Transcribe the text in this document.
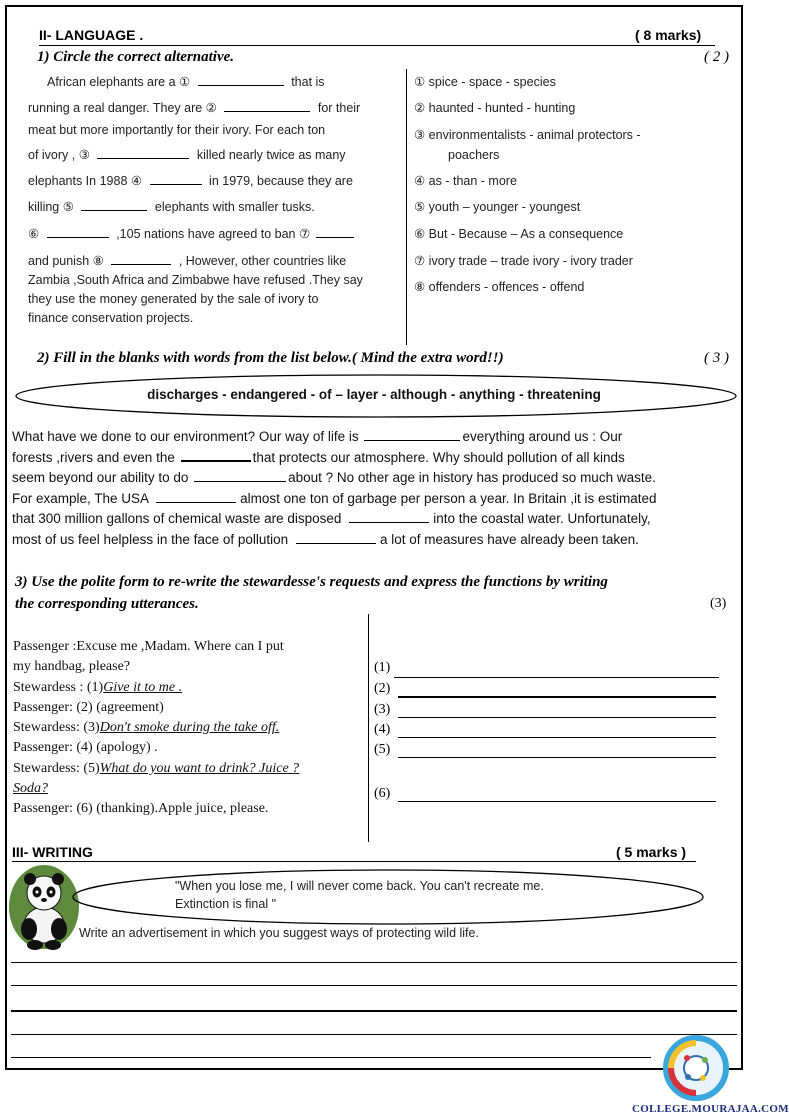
II- LANGUAGE .	( 8 marks)
1) Circle the correct alternative.	( 2 )
African elephants are a ①	that is
running a real danger. They are ②	for their
meat but more importantly for their ivory. For each ton
of ivory , ③	killed nearly twice as many
elephants In 1988 ④	in 1979, because they are
killing ⑤	elephants with smaller tusks.
⑥	,105 nations have agreed to ban ⑦
and punish ⑧	, However, other countries like
Zambia ,South Africa and Zimbabwe have refused .They say
they use the money generated by the sale of ivory to
finance conservation projects.
① spice - space - species
② haunted - hunted - hunting
③ environmentalists - animal protectors -
poachers
④ as - than - more
⑤ youth – younger - youngest
⑥ But - Because – As a consequence
⑦ ivory trade – trade ivory - ivory trader
⑧ offenders - offences - offend
2) Fill in the blanks with words from the list below.( Mind the extra word!!)	( 3 )
discharges - endangered - of – layer - although - anything - threatening
What have we done to our environment? Our way of life is	everything around us : Our
forests ,rivers and even the	that protects our atmosphere. Why should pollution of all kinds
seem beyond our ability to do	about ? No other age in history has produced so much waste.
For example, The USA	almost one ton of garbage per person a year. In Britain ,it is estimated
that 300 million gallons of chemical waste are disposed	into the coastal water. Unfortunately,
most of us feel helpless in the face of pollution	a lot of measures have already been taken.
3) Use the polite form to re-write the stewardesse's requests and express the functions by writing
the corresponding utterances.	(3)
Passenger :Excuse me ,Madam. Where can I put
my handbag, please?
Stewardess : (1)Give it to me .
Passenger: (2) (agreement)
Stewardess: (3)Don't smoke during the take off.
Passenger: (4) (apology) .
Stewardess: (5)What do you want to drink? Juice ?
Soda?
Passenger: (6) (thanking).Apple juice, please.
(1)
(2)
(3)
(4)
(5)
(6)
III- WRITING	( 5 marks )
"When you lose me, I will never come back. You can't recreate me.
Extinction is final "
Write an advertisement in which you suggest ways of protecting wild life.
COLLEGE.MOURAJAA.COM
